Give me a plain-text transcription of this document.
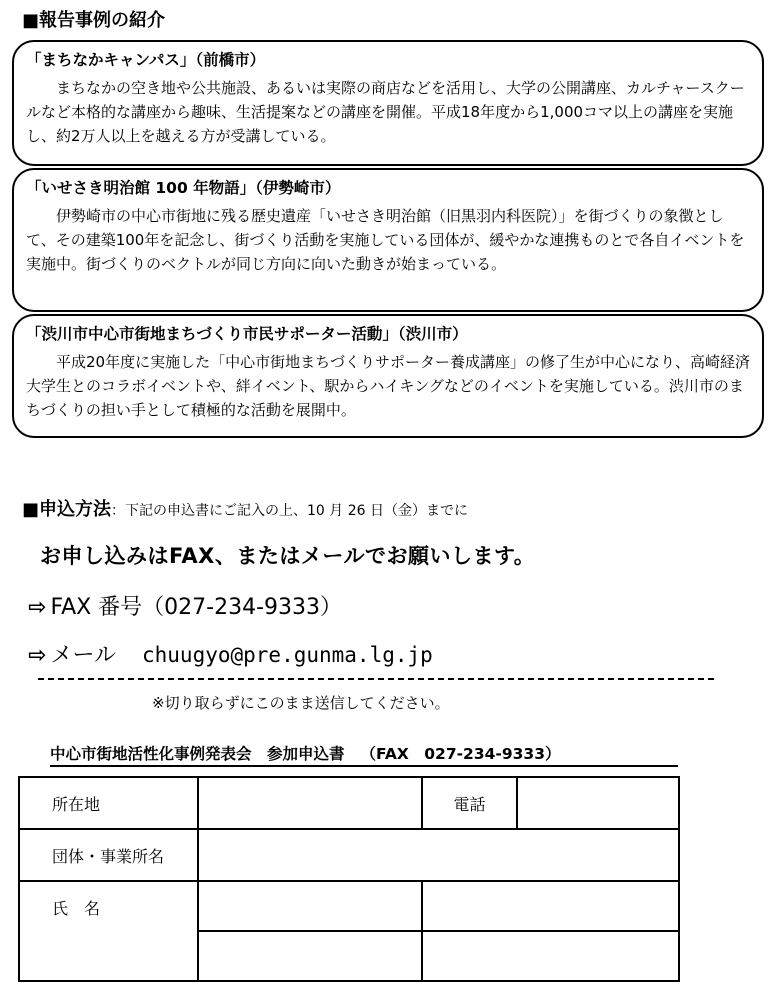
■報告事例の紹介
「まちなかキャンパス」（前橋市）
まちなかの空き地や公共施設、あるいは実際の商店などを活用し、大学の公開講座、カルチャースクールなど本格的な講座から趣味、生活提案などの講座を開催。平成18年度から1,000コマ以上の講座を実施し、約2万人以上を越える方が受講している。
「いせさき明治館 100 年物語」（伊勢崎市）
伊勢崎市の中心市街地に残る歴史遺産「いせさき明治館（旧黒羽内科医院）」を街づくりの象徴として、その建築100年を記念し、街づくり活動を実施している団体が、緩やかな連携ものとで各自イベントを実施中。街づくりのベクトルが同じ方向に向いた動きが始まっている。
「渋川市中心市街地まちづくり市民サポーター活動」（渋川市）
平成20年度に実施した「中心市街地まちづくりサポーター養成講座」の修了生が中心になり、高崎経済大学生とのコラボイベントや、絆イベント、駅からハイキングなどのイベントを実施している。渋川市のまちづくりの担い手として積極的な活動を展開中。
■申込方法：下記の申込書にご記入の上、10 月 26 日（金）までに
お申し込みはFAX、またはメールでお願いします。
⇨ FAX 番号（027-234-9333）
⇨ メール chuugyo@pre.gunma.lg.jp
※切り取らずにこのまま送信してください。
中心市街地活性化事例発表会　参加申込書 （FAX　027-234-9333）
所在地		電話	
団体・事業所名			
氏　名			
